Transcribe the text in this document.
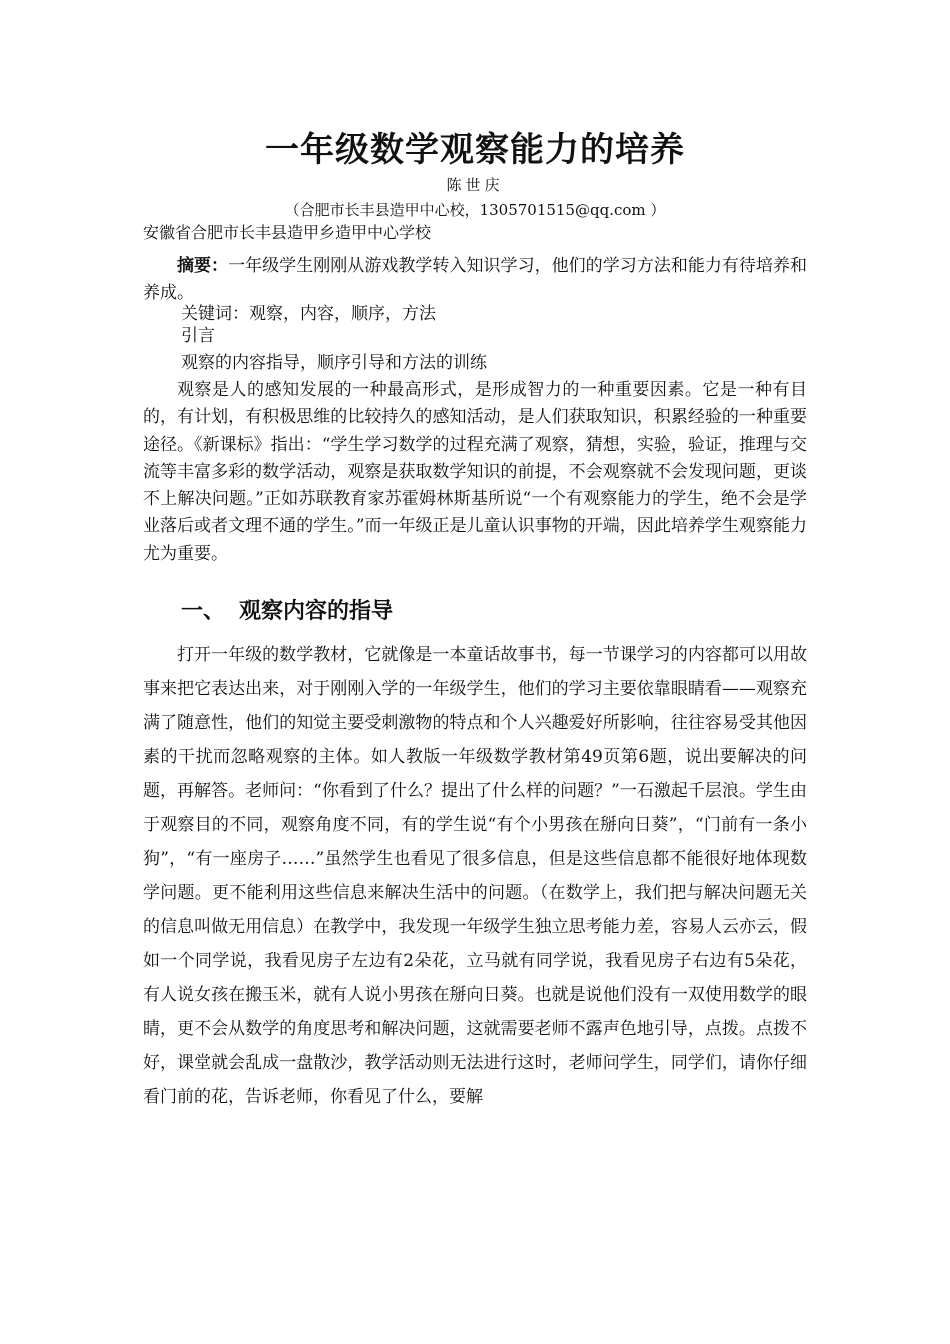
一年级数学观察能力的培养
陈世庆
（合肥市长丰县造甲中心校，1305701515@qq.com ）
安徽省合肥市长丰县造甲乡造甲中心学校
摘要：一年级学生刚刚从游戏教学转入知识学习，他们的学习方法和能力有待培养和养成。
关键词：观察，内容，顺序，方法
引言
观察的内容指导，顺序引导和方法的训练
观察是人的感知发展的一种最高形式，是形成智力的一种重要因素。它是一种有目的，有计划，有积极思维的比较持久的感知活动，是人们获取知识，积累经验的一种重要途径。《新课标》指出：“学生学习数学的过程充满了观察，猜想，实验，验证，推理与交流等丰富多彩的数学活动，观察是获取数学知识的前提，不会观察就不会发现问题，更谈不上解决问题。”正如苏联教育家苏霍姆林斯基所说“一个有观察能力的学生，绝不会是学业落后或者文理不通的学生。”而一年级正是儿童认识事物的开端，因此培养学生观察能力尤为重要。
一、 观察内容的指导
打开一年级的数学教材，它就像是一本童话故事书，每一节课学习的内容都可以用故事来把它表达出来，对于刚刚入学的一年级学生，他们的学习主要依靠眼睛看——观察充满了随意性，他们的知觉主要受刺激物的特点和个人兴趣爱好所影响，往往容易受其他因素的干扰而忽略观察的主体。如人教版一年级数学教材第49页第6题，说出要解决的问题，再解答。老师问：“你看到了什么？提出了什么样的问题？”一石激起千层浪。学生由于观察目的不同，观察角度不同，有的学生说“有个小男孩在掰向日葵”，“门前有一条小狗”，“有一座房子……”虽然学生也看见了很多信息，但是这些信息都不能很好地体现数学问题。更不能利用这些信息来解决生活中的问题。（在数学上，我们把与解决问题无关的信息叫做无用信息）在教学中，我发现一年级学生独立思考能力差，容易人云亦云，假如一个同学说，我看见房子左边有2朵花，立马就有同学说，我看见房子右边有5朵花，有人说女孩在搬玉米，就有人说小男孩在掰向日葵。也就是说他们没有一双使用数学的眼睛，更不会从数学的角度思考和解决问题，这就需要老师不露声色地引导，点拨。点拨不好，课堂就会乱成一盘散沙，教学活动则无法进行这时，老师问学生，同学们，请你仔细看门前的花，告诉老师，你看见了什么，要解
